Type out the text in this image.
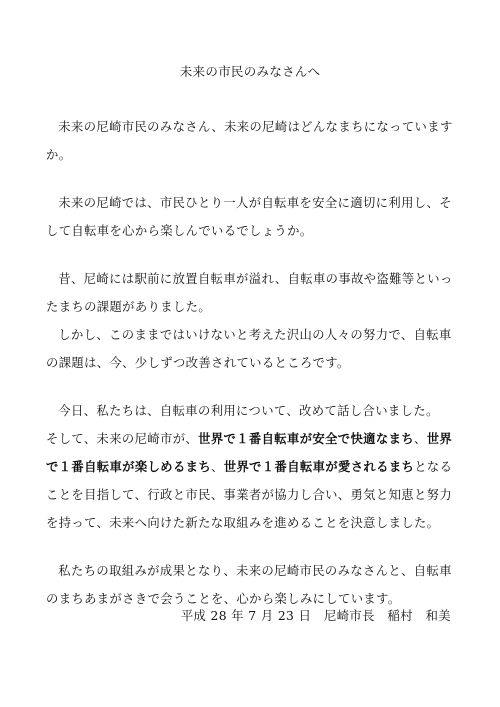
未来の市民のみなさんへ

未来の尼崎市民のみなさん、未来の尼崎はどんなまちになっていますか。

未来の尼崎では、市民ひとり一人が自転車を安全に適切に利用し、そして自転車を心から楽しんでいるでしょうか。

昔、尼崎には駅前に放置自転車が溢れ、自転車の事故や盗難等といったまちの課題がありました。

しかし、このままではいけないと考えた沢山の人々の努力で、自転車の課題は、今、少しずつ改善されているところです。

今日、私たちは、自転車の利用について、改めて話し合いました。

そして、未来の尼崎市が、世界で１番自転車が安全で快適なまち、世界で１番自転車が楽しめるまち、世界で１番自転車が愛されるまちとなることを目指して、行政と市民、事業者が協力し合い、勇気と知恵と努力を持って、未来へ向けた新たな取組みを進めることを決意しました。

私たちの取組みが成果となり、未来の尼崎市民のみなさんと、自転車のまちあまがさきで会うことを、心から楽しみにしています。

平成 28 年 7 月 23 日　 尼崎市長　 稲村　和美
